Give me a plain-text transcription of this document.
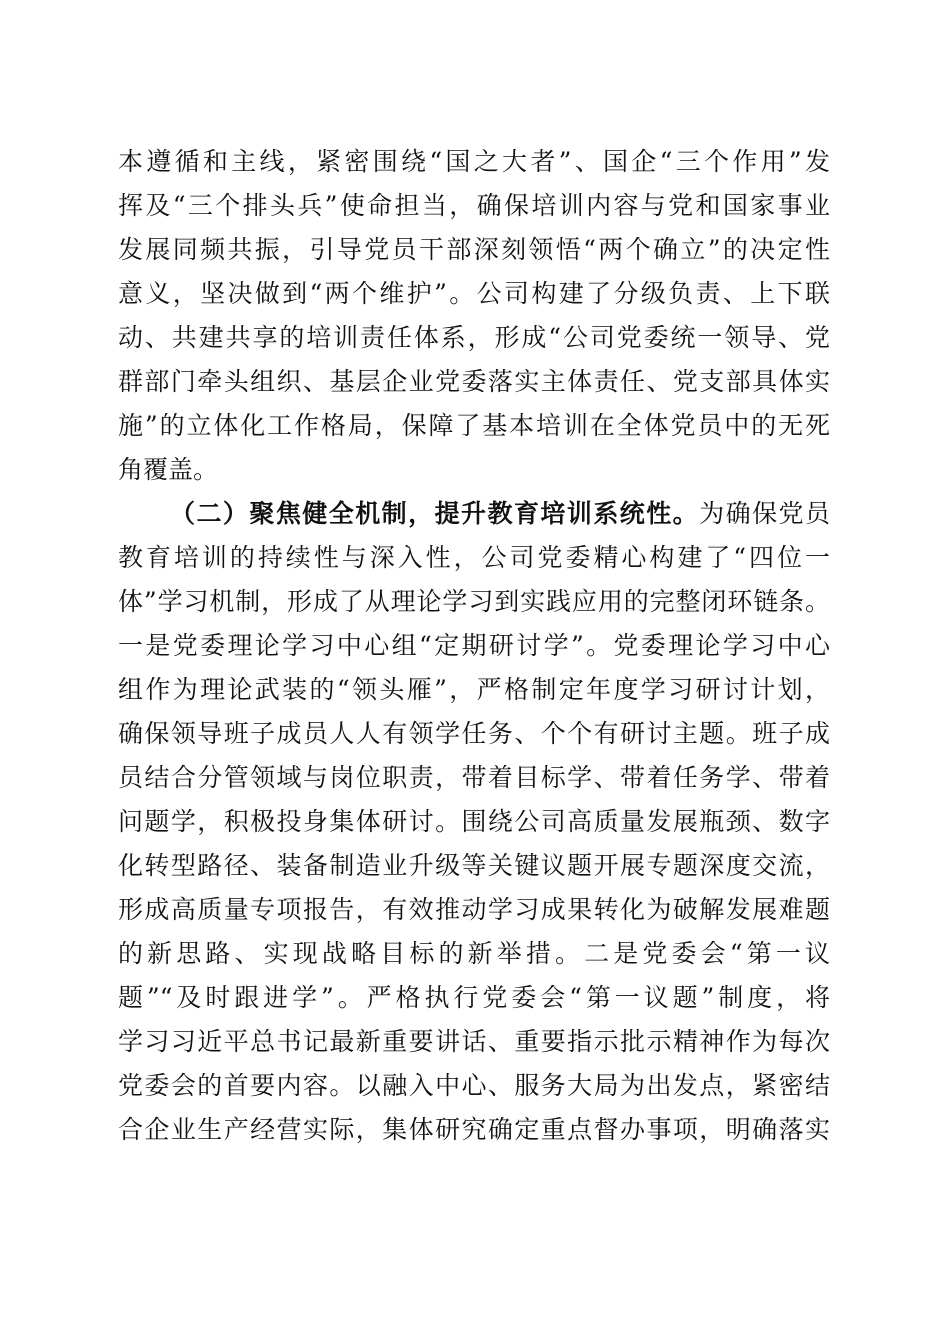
本遵循和主线，紧密围绕“国之大者”、国企“三个作用”发
挥及“三个排头兵”使命担当，确保培训内容与党和国家事业
发展同频共振，引导党员干部深刻领悟“两个确立”的决定性
意义，坚决做到“两个维护”。公司构建了分级负责、上下联
动、共建共享的培训责任体系，形成“公司党委统一领导、党
群部门牵头组织、基层企业党委落实主体责任、党支部具体实
施”的立体化工作格局，保障了基本培训在全体党员中的无死
角覆盖。
（二）聚焦健全机制，提升教育培训系统性。为确保党员
教育培训的持续性与深入性，公司党委精心构建了“四位一
体”学习机制，形成了从理论学习到实践应用的完整闭环链条。
一是党委理论学习中心组“定期研讨学”。党委理论学习中心
组作为理论武装的“领头雁”，严格制定年度学习研讨计划，
确保领导班子成员人人有领学任务、个个有研讨主题。班子成
员结合分管领域与岗位职责，带着目标学、带着任务学、带着
问题学，积极投身集体研讨。围绕公司高质量发展瓶颈、数字
化转型路径、装备制造业升级等关键议题开展专题深度交流，
形成高质量专项报告，有效推动学习成果转化为破解发展难题
的新思路、实现战略目标的新举措。二是党委会“第一议
题”“及时跟进学”。严格执行党委会“第一议题”制度，将
学习习近平总书记最新重要讲话、重要指示批示精神作为每次
党委会的首要内容。以融入中心、服务大局为出发点，紧密结
合企业生产经营实际，集体研究确定重点督办事项，明确落实
